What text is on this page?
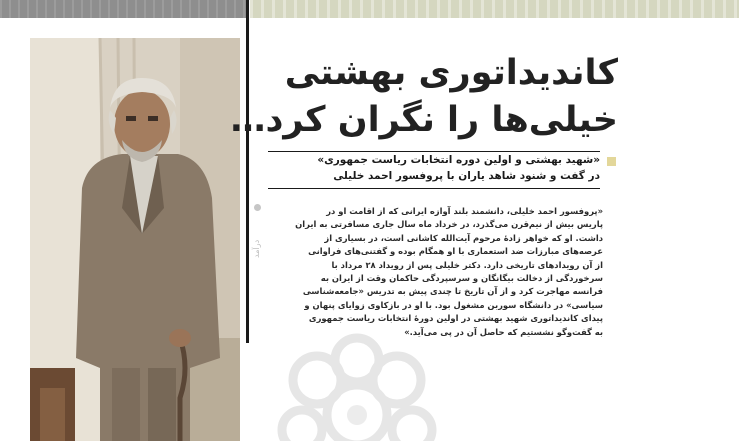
درآمد
کاندیداتوری بهشتی
خیلی‌ها را نگران کرد…
«شهید بهشتی و اولین دوره انتخابات ریاست جمهوری»
در گفت و شنود شاهد یاران با پروفسور احمد خلیلی
«پروفسور احمد خلیلی، دانشمند بلند آوازه ایرانی که از اقامت او در
پاریس بیش از نیم‌قرن می‌گذرد، در خرداد ماه سال جاری مسافرتی به ایران
داشت. او که خواهر زادهٔ مرحوم آیت‌الله کاشانی است، در بسیاری از
عرصه‌های مبارزات ضد استعماری با او همگام بوده و گفتنی‌های فراوانی
از آن رویدادهای تاریخی دارد. دکتر خلیلی پس از رویداد ۲۸ مرداد با
سرخوردگی از دخالت بیگانگان و سرسپردگی حاکمان وقت از ایران به
فرانسه مهاجرت کرد و از آن تاریخ تا چندی پیش به تدریس «جامعه‌شناسی
سیاسی» در دانشگاه سوربن مشغول بود. با او در بازکاوی زوایای پنهان و
پیدای کاندیداتوری شهید بهشتی در اولین دورهٔ انتخابات ریاست جمهوری
به گفت‌وگو نشستیم که حاصل آن در پی می‌آید.»
